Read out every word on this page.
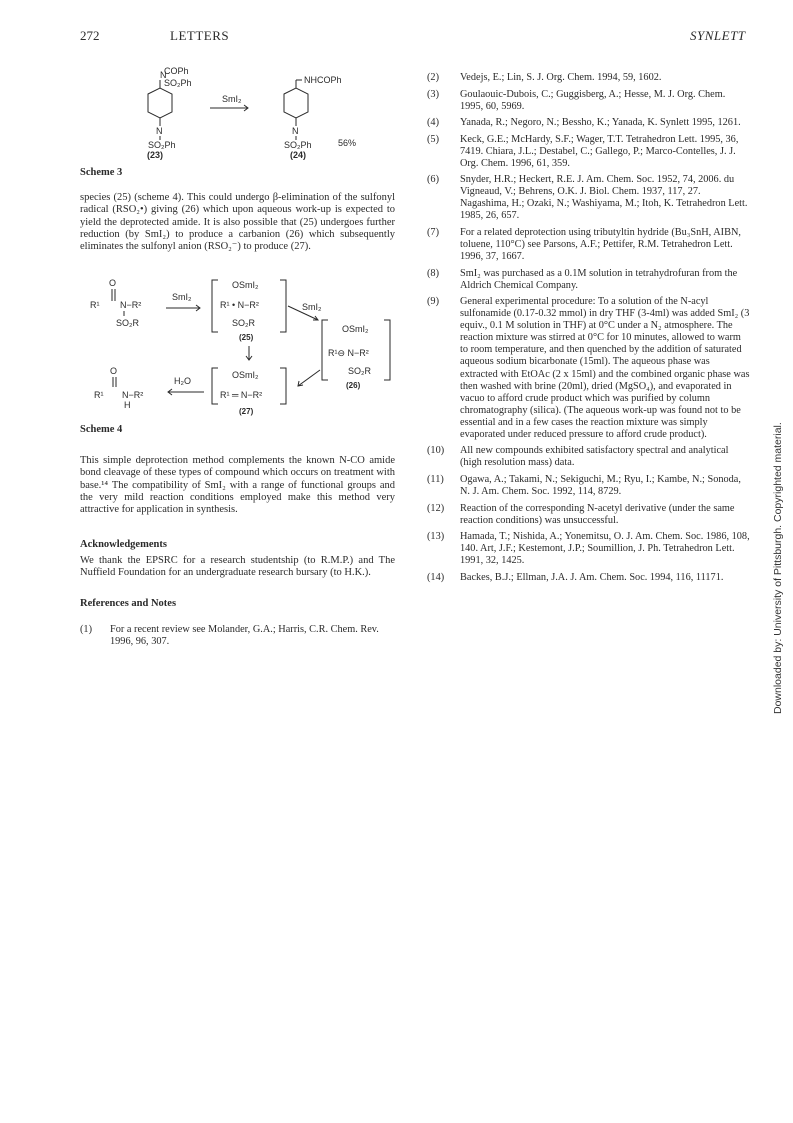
272	LETTERS	SYNLETT
N
COPh
SO₂Ph
N
SO₂Ph
SmI₂
NHCOPh
N
SO₂Ph
(23)	(24)
56%
Scheme 3

species (25) (scheme 4). This could undergo β-elimination of the sulfonyl radical (RSO₂•) giving (26) which upon aqueous work-up is expected to yield the deprotected amide. It is also possible that (25) undergoes further reduction (by SmI₂) to produce a carbanion (26) which subsequently eliminates the sulfonyl anion (RSO₂⁻) to produce (27).

O
R¹ N−R²
SO₂R
SmI₂
OSmI₂
R¹ • N−R²
SO₂R
(25)
SmI₂
OSmI₂
R¹⊖ N−R²
SO₂R
(26)
OSmI₂
R¹ ═ N−R²
(27)
H₂O
O
R¹ N−R²
H
Scheme 4

This simple deprotection method complements the known N-CO amide bond cleavage of these types of compound which occurs on treatment with base.¹⁴ The compatibility of SmI₂ with a range of functional groups and the very mild reaction conditions employed make this method very attractive for application in synthesis.

Acknowledgements

We thank the EPSRC for a research studentship (to R.M.P.) and The Nuffield Foundation for an undergraduate research bursary (to H.K.).

References and Notes
(1) For a recent review see Molander, G.A.; Harris, C.R. Chem. Rev. 1996, 96, 307.
(2) Vedejs, E.; Lin, S. J. Org. Chem. 1994, 59, 1602.
(3) Goulaouic-Dubois, C.; Guggisberg, A.; Hesse, M. J. Org. Chem. 1995, 60, 5969.
(4) Yanada, R.; Negoro, N.; Bessho, K.; Yanada, K. Synlett 1995, 1261.
(5) Keck, G.E.; McHardy, S.F.; Wager, T.T. Tetrahedron Lett. 1995, 36, 7419. Chiara, J.L.; Destabel, C.; Gallego, P.; Marco-Contelles, J. J. Org. Chem. 1996, 61, 359.
(6) Snyder, H.R.; Heckert, R.E. J. Am. Chem. Soc. 1952, 74, 2006. du Vigneaud, V.; Behrens, O.K. J. Biol. Chem. 1937, 117, 27. Nagashima, H.; Ozaki, N.; Washiyama, M.; Itoh, K. Tetrahedron Lett. 1985, 26, 657.
(7) For a related deprotection using tributyltin hydride (Bu₃SnH, AIBN, toluene, 110°C) see Parsons, A.F.; Pettifer, R.M. Tetrahedron Lett. 1996, 37, 1667.
(8) SmI₂ was purchased as a 0.1M solution in tetrahydrofuran from the Aldrich Chemical Company.
(9) General experimental procedure: To a solution of the N-acyl sulfonamide (0.17-0.32 mmol) in dry THF (3-4ml) was added SmI₂ (3 equiv., 0.1 M solution in THF) at 0°C under a N₂ atmosphere. The reaction mixture was stirred at 0°C for 10 minutes, allowed to warm to room temperature, and then quenched by the addition of saturated aqueous sodium bicarbonate (15ml). The aqueous phase was extracted with EtOAc (2 x 15ml) and the combined organic phase was then washed with brine (20ml), dried (MgSO₄), and evaporated in vacuo to afford crude product which was purified by column chromatography (silica). (The aqueous work-up was found not to be essential and in a few cases the reaction mixture was simply evaporated under reduced pressure to afford crude product).
(10) All new compounds exhibited satisfactory spectral and analytical (high resolution mass) data.
(11) Ogawa, A.; Takami, N.; Sekiguchi, M.; Ryu, I.; Kambe, N.; Sonoda, N. J. Am. Chem. Soc. 1992, 114, 8729.
(12) Reaction of the corresponding N-acetyl derivative (under the same reaction conditions) was unsuccessful.
(13) Hamada, T.; Nishida, A.; Yonemitsu, O. J. Am. Chem. Soc. 1986, 108, 140. Art, J.F.; Kestemont, J.P.; Soumillion, J. Ph. Tetrahedron Lett. 1991, 32, 1425.
(14) Backes, B.J.; Ellman, J.A. J. Am. Chem. Soc. 1994, 116, 11171.	Downloaded by: University of Pittsburgh. Copyrighted material.
